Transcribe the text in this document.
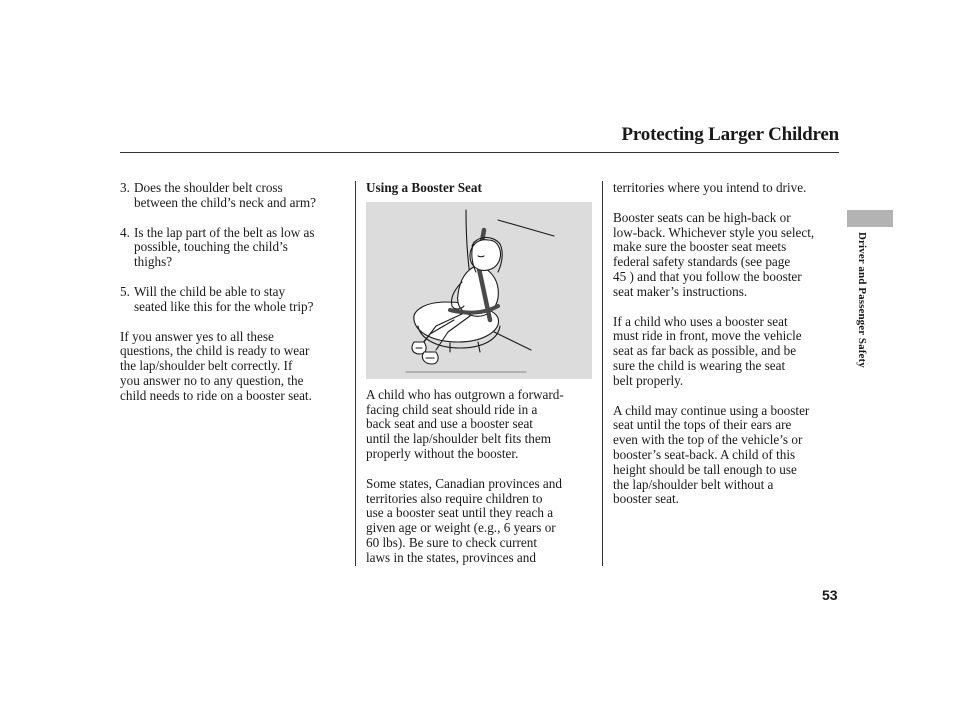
Protecting Larger Children
3. Does the shoulder belt cross
between the child’s neck and arm?
4. Is the lap part of the belt as low as
possible, touching the child’s
thighs?
5. Will the child be able to stay
seated like this for the whole trip?

If you answer yes to all these
questions, the child is ready to wear
the lap/shoulder belt correctly. If
you answer no to any question, the
child needs to ride on a booster seat.

Using a Booster Seat

A child who has outgrown a forward-
facing child seat should ride in a
back seat and use a booster seat
until the lap/shoulder belt fits them
properly without the booster.

Some states, Canadian provinces and
territories also require children to
use a booster seat until they reach a
given age or weight (e.g., 6 years or
60 lbs). Be sure to check current
laws in the states, provinces and

territories where you intend to drive.

Booster seats can be high-back or
low-back. Whichever style you select,
make sure the booster seat meets
federal safety standards (see page
45 ) and that you follow the booster
seat maker’s instructions.

If a child who uses a booster seat
must ride in front, move the vehicle
seat as far back as possible, and be
sure the child is wearing the seat
belt properly.

A child may continue using a booster
seat until the tops of their ears are
even with the top of the vehicle’s or
booster’s seat-back. A child of this
height should be tall enough to use
the lap/shoulder belt without a
booster seat.

Driver and Passenger Safety
53
